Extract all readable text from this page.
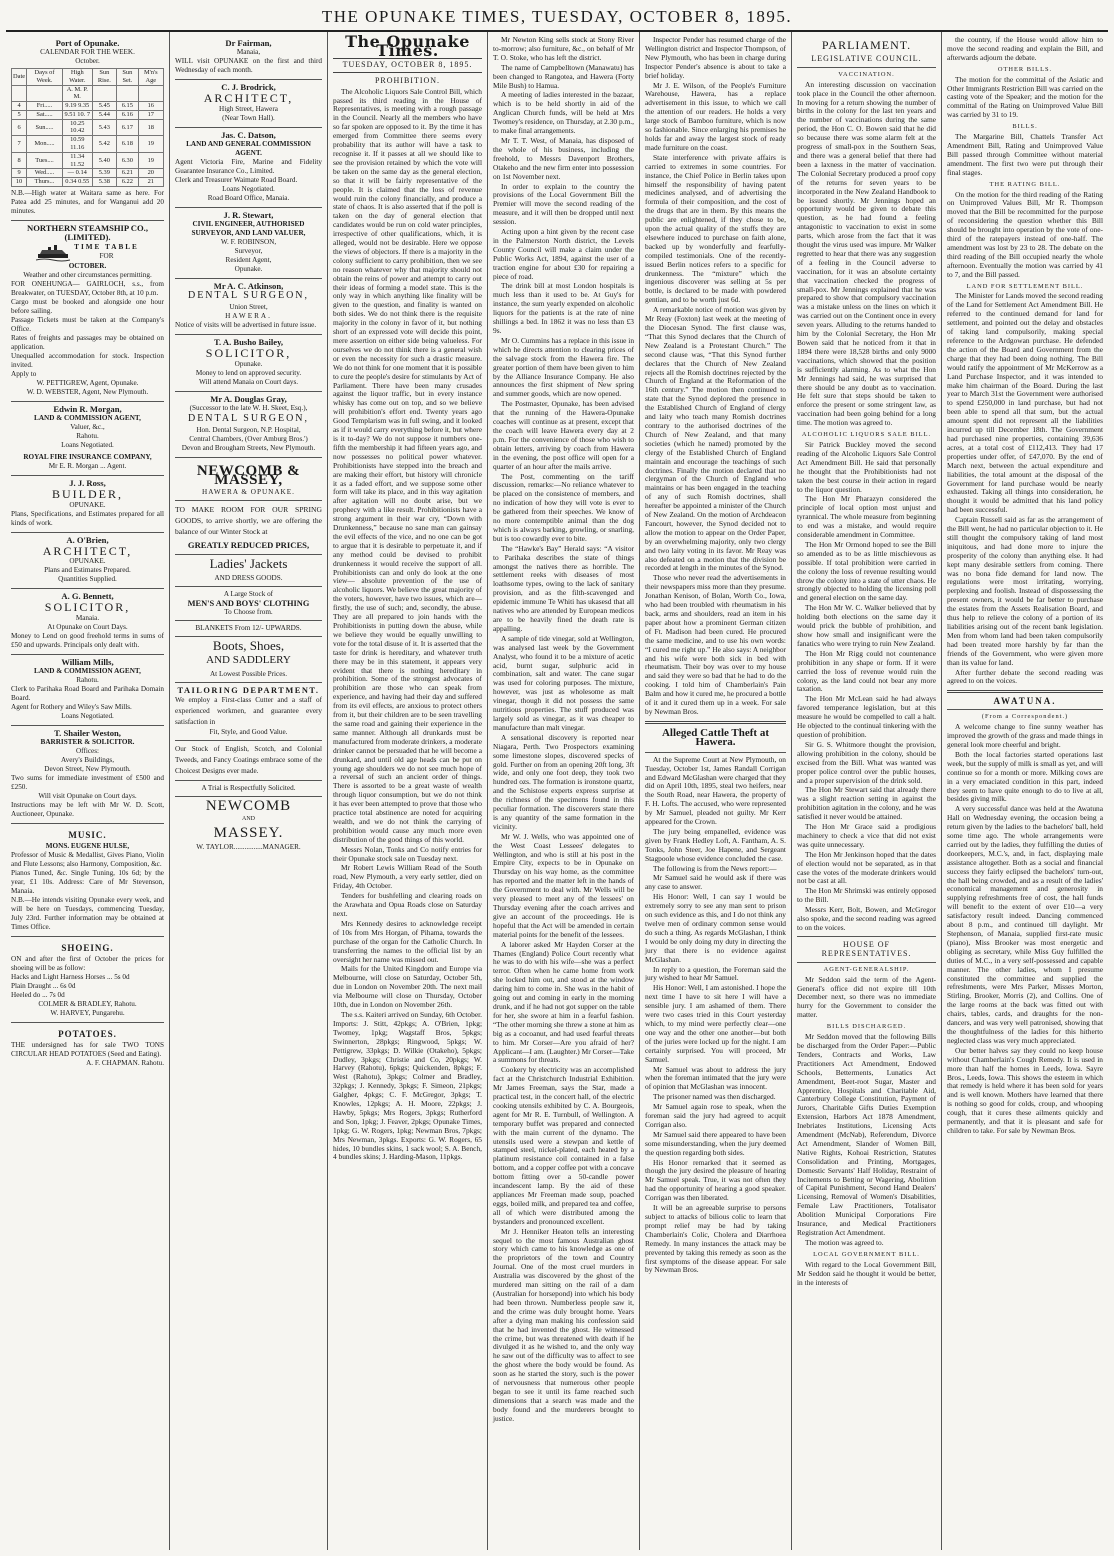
THE OPUNAKE TIMES, TUESDAY, OCTOBER 8, 1895.
Port of Opunake.
CALENDAR FOR THE WEEK.
October.
Date	Days of Week.	High Water.	Sun Rise.	Sun Set.	M'n's Age
		A. M. P. M.			
4	Fri.....	9.19 9.35	5.45	6.15	16
5	Sat.....	9.51 10. 7	5.44	6.16	17
6	Sun.....	10.25 10.42	5.43	6.17	18
7	Mon.....	10.59 11.16	5.42	6.18	19
8	Tues....	11.34 11.52	5.40	6.30	19
9	Wed.....	— 0.14	5.39	6.21	20
10	Thurs...	0.34 0.55	5.38	6.22	21
N.B.—High water at Waitara same as here. For Patea add 25 minutes, and for Wanganui add 20 minutes.
NORTHERN STEAMSHIP CO., (LIMITED).
TIME TABLE
FOR
OCTOBER.
Weather and other circumstances permitting.
FOR ONEHUNGA— GAIRLOCH, s.s., from Breakwater, on TUESDAY, October 8th, at 10 p.m.
Cargo must be booked and alongside one hour before sailing.
Passage Tickets must be taken at the Company's Office.
Rates of freights and passages may be obtained on application.
Unequalled accommodation for stock. Inspection invited.
Apply to
W. PETTIGREW, Agent, Opunake.
W. D. WEBSTER, Agent, New Plymouth.
Edwin R. Morgan,
LAND & COMMISSION AGENT,
Valuer, &c.,
Rahotu.
Loans Negotiated.
ROYAL FIRE INSURANCE COMPANY,
Mr E. R. Morgan ... Agent.
J. J. Ross,
BUILDER,
OPUNAKE.
Plans, Specifications, and Estimates prepared for all kinds of work.
A. O'Brien,
ARCHITECT,
OPUNAKE.
Plans and Estimates Prepared.
Quantities Supplied.
A. G. Bennett,
SOLICITOR,
Manaia.
At Opunake on Court Days.
Money to Lend on good freehold terms in sums of £50 and upwards. Principals only dealt with.
William Mills,
LAND & COMMISSION AGENT,
Rahotu.
Clerk to Parihaka Road Board and Parihaka Domain Board.
Agent for Rothery and Wiley's Saw Mills.
Loans Negotiated.
T. Shailer Weston,
BARRISTER & SOLICITOR.
Offices:
Avery's Buildings,
Devon Street, New Plymouth.
Two sums for immediate investment of £500 and £250.
Will visit Opunake on Court days.
Instructions may be left with Mr W. D. Scott, Auctioneer, Opunake.
MUSIC.
MONS. EUGENE HULSE,
Professor of Music & Medallist, Gives Piano, Violin and Flute Lessons; also Harmony, Composition, &c.
Pianos Tuned, &c. Single Tuning, 10s 6d; by the year, £1 10s. Address: Care of Mr Stevenson, Manaia.
N.B.—He intends visiting Opunake every week, and will be here on Tuesdays, commencing Tuesday, July 23rd. Further information may be obtained at Times Office.
SHOEING.
ON and after the first of October the prices for shoeing will be as follow:
Hacks and Light Harness Horses ... 5s 0d
Plain Draught ... 6s 0d
Heeled do ... 7s 0d
COLMER & BRADLEY, Rahotu.
W. HARVEY, Pungarehu.
POTATOES.
THE undersigned has for sale TWO TONS CIRCULAR HEAD POTATOES (Seed and Eating).
A. F. CHAPMAN. Rahotu.
Dr Fairman,
Manaia,
WILL visit OPUNAKE on the first and third Wednesday of each month.
C. J. Brodrick,
ARCHITECT,
High Street, Hawera
(Near Town Hall).
Jas. C. Datson,
LAND AND GENERAL COMMISSION AGENT.
Agent Victoria Fire, Marine and Fidelity Guarantee Insurance Co., Limited.
Clerk and Treasurer Waimate Road Board.
Loans Negotiated.
Road Board Office, Manaia.
J. R. Stewart,
CIVIL ENGINEER, AUTHORISED SURVEYOR, AND LAND VALUER,
W. F. ROBINSON,
Surveyor,
Resident Agent,
Opunake.
Mr A. C. Atkinson,
DENTAL SURGEON,
Union Street,
HAWERA.
Notice of visits will be advertised in future issue.
T. A. Busho Bailey,
SOLICITOR,
Opunake.
Money to lend on approved security.
Will attend Manaia on Court days.
Mr A. Douglas Gray,
(Successor to the late W. H. Skeet, Esq.),
DENTAL SURGEON,
Hon. Dental Surgeon, N.P. Hospital,
Central Chambers, (Over Amburg Bros.')
Devon and Brougham Streets, New Plymouth.
NEWCOMB & MASSEY,
HAWERA & OPUNAKE.
TO MAKE ROOM FOR OUR SPRING GOODS, to arrive shortly, we are offering the balance of our Winter Stock at
GREATLY REDUCED PRICES,
Ladies' Jackets
AND DRESS GOODS.
A Large Stock of
MEN'S AND BOYS' CLOTHING
To Choose from.
BLANKETS From 12/- UPWARDS.
Boots, Shoes,
AND SADDLERY
At Lowest Possible Prices.
TAILORING DEPARTMENT.
We employ a First-class Cutter and a staff of experienced workmen, and guarantee every satisfaction in
Fit, Style, and Good Value.
Our Stock of English, Scotch, and Colonial Tweeds, and Fancy Coatings embrace some of the Choicest Designs ever made.
A Trial is Respectfully Solicited.
NEWCOMB
AND
MASSEY.
W. TAYLOR................MANAGER.
The Opunake Times.
TUESDAY, OCTOBER 8, 1895.
PROHIBITION.

The Alcoholic Liquors Sale Control Bill, which passed its third reading in the House of Representatives, is meeting with a rough passage in the Council. Nearly all the members who have so far spoken are opposed to it. By the time it has emerged from Committee there seems every probability that its author will have a task to recognise it. If it passes at all we should like to see the provision retained by which the vote will be taken on the same day as the general election, so that it will be fairly representative of the people. It is claimed that the loss of revenue would ruin the colony financially, and produce a state of chaos. It is also asserted that if the poll is taken on the day of general election that candidates would be run on cold water principles, irrespective of other qualifications, which, it is alleged, would not be desirable. Here we oppose the views of objectors. If there is a majority in the colony sufficient to carry prohibition, then we see no reason whatever why that majority should not obtain the reins of power and attempt to carry out their ideas of forming a model state. This is the only way in which anything like finality will be given to the question, and finality is wanted on both sides. We do not think there is the requisite majority in the colony in favor of it, but nothing short of an expressed vote will decide this point, mere assertion on either side being valueless. For ourselves we do not think there is a general wish or even the necessity for such a drastic measure. We do not think for one moment that it is possible to cure the people's desire for stimulants by Act of Parliament. There have been many crusades against the liquor traffic, but in every instance whisky has come out on top, and so we believe will prohibition's effort end. Twenty years ago Good Templarism was in full swing, and it looked as if it would carry everything before it, but where is it to-day? We do not suppose it numbers one-fifth the membership it had fifteen years ago, and now possesses no political power whatever. Prohibitionists have stepped into the breach and are making their effort, but history will chronicle it as a faded effort, and we suppose some other form will take its place, and in this way agitation after agitation will no doubt arise, but we prophecy with a like result. Prohibitionists have a strong argument in their war cry, “Down with Drunkenness,” because no sane man can gainsay the evil effects of the vice, and no one can be got to argue that it is desirable to perpetuate it, and if any method could be devised to prohibit drunkenness it would receive the support of all. Prohibitionists can and only do look at the one view— absolute prevention of the use of alcoholic liquors. We believe the great majority of the voters, however, have two issues, which are—firstly, the use of such; and, secondly, the abuse. They are all prepared to join hands with the Prohibitionists in putting down the abuse, while we believe they would be equally unwilling to vote for the total disuse of it. It is asserted that the taste for drink is hereditary, and whatever truth there may be in this statement, it appears very evident that there is nothing hereditary in prohibition. Some of the strongest advocates of prohibition are those who can speak from experience, and having had their day and suffered from its evil effects, are anxious to protect others from it, but their children are to be seen travelling the same road and gaining their experience in the same manner. Although all drunkards must be manufactured from moderate drinkers, a moderate drinker cannot be persuaded that he will become a drunkard, and until old age heads can be put on young age shoulders we do not see much hope of a reversal of such an ancient order of things. There is assorted to be a great waste of wealth through liquor consumption, but we do not think it has ever been attempted to prove that those who practice total abstinence are noted for acquiring wealth, and we do not think the carrying of prohibition would cause any much more even distribution of the good things of this world.

Messrs Nolan, Tonks and Co notify entries for their Opunake stock sale on Tuesday next.

Mr Robert Lewis William Read of the South road, New Plymouth, a very early settler, died on Friday, 4th October.

Tenders for bushfelling and clearing roads on the Arawhata and Opua Roads close on Saturday next.

Mrs Kennedy desires to acknowledge receipt of 10s from Mrs Horgan, of Pihama, towards the purchase of the organ for the Catholic Church. In transferring the names to the official list by an oversight her name was missed out.

Mails for the United Kingdom and Europe via Melbourne, will close on Saturday, October 5th, due in London on November 20th. The next mail via Melbourne will close on Thursday, October 10th, due in London on November 26th.

The s.s. Kaiteri arrived on Sunday, 6th October. Imports: J. Stitt, 42pkgs; A. O'Brien, 1pkg; Twomey, 1pkg; Wagstaff Bros, 5pkgs; Swinnerton, 28pkgs; Ringwood, 5pkgs; W. Pettigrew, 33pkgs; D. Wilkie (Otakeho), 5pkgs; Dudley, 3pkgs; Christie and Co, 20pkgs; W. Harvey (Rahotu), 6pkgs; Quickenden, 8pkgs; F. West (Rahotu), 3pkgs; Colmer and Bradley, 32pkgs; J. Kennedy, 3pkgs; F. Simeon, 21pkgs; Galgher, 4pkgs; C. F. McGregor, 3pkgs; T. Knowles, 12pkgs; A. H. Moore, 22pkgs; J. Hawby, 5pkgs; Mrs Rogers, 3pkgs; Rutherford and Son, 1pkg; J. Feaver, 2pkgs; Opunake Times, 1pkg; G. W. Rogers, 1pkg; Newman Bros, 7pkgs; Mrs Newman, 3pkgs. Exports: G. W. Rogers, 65 hides, 10 bundles skins, 1 sack wool; S. A. Bench, 4 bundles skins; J. Harding-Mason, 11pkgs.

Mr Newton King sells stock at Stony River to-morrow; also furniture, &c., on behalf of Mr T. O. Stoke, who has left the district.

The name of Campbelltown (Manawatu) has been changed to Rangotea, and Hawera (Forty Mile Bush) to Hamua.

A meeting of ladies interested in the bazaar, which is to be held shortly in aid of the Anglican Church funds, will be held at Mrs Twomey's residence, on Thursday, at 2.30 p.m., to make final arrangements.

Mr T. T. West, of Manaia, has disposed of the whole of his business, including the freehold, to Messrs Davenport Brothers, Otakeho and the new firm enter into possession on 1st November next.

In order to explain to the country the provisions of the Local Government Bill the Premier will move the second reading of the measure, and it will then be dropped until next session.

Acting upon a hint given by the recent case in the Palmerston North district, the Levels County Council will make a claim under the Public Works Act, 1894, against the user of a traction engine for about £30 for repairing a piece of road.

The drink bill at most London hospitals is much less than it used to be. At Guy's for instance, the sum yearly expended on alcoholic liquors for the patients is at the rate of nine shillings a bed. In 1862 it was no less than £3 9s.

Mr O. Cummins has a replace in this issue in which he directs attention to clearing prices of the salvage stock from the Hawera fire. The greater portion of them have been given to him by the Alliance Insurance Company. He also announces the first shipment of New spring and summer goods, which are now opened.

The Postmaster, Opunake, has been advised that the running of the Hawera-Opunake coaches will continue as at present, except that the coach will leave Hawera every day at 2 p.m. For the convenience of those who wish to obtain letters, arriving by coach from Hawera in the evening, the post office will open for a quarter of an hour after the mails arrive.

The Post, commenting on the tariff discussion, remarks:—No reliance whatever to be placed on the consistence of members, and no indication of how they will vote is ever to be gathered from their speeches. We know of no more contemptible animal than the dog which is always barking, growling, or snarling, but is too cowardly ever to bite.

The “Hawke's Bay” Herald says: “A visitor to Parihaka describes the state of things amongst the natives there as horrible. The settlement reeks with diseases of most loathsome types, owing to the lack of sanitary provision, and as the filth-scavenged and epidemic immune Te Whiti has ukasesd that all natives who are attended by European medicos are to be heavily fined the death rate is appalling.

A sample of tide vinegar, sold at Wellington, was analysed last week by the Government Analyst, who found it to be a mixture of acetic acid, burnt sugar, sulphuric acid in combination, salt and water. The cane sugar was used for coloring purposes. The mixture, however, was just as wholesome as malt vinegar, though it did not possess the same nutritious properties. The stuff produced was largely sold as vinegar, as it was cheaper to manufacture than malt vinegar.

A sensational discovery is reported near Niagara, Perth. Two Prospectors examining some limestone slopes, discovered specks of gold. Further on from an opening 20ft long, 3ft wide, and only one foot deep, they took two hundred ozs. The formation is ironstone quartz, and the Schistose experts express surprise at the richness of the specimens found in this peculiar formation. The discoverers state there is any quantity of the same formation in the vicinity.

Mr W. J. Wells, who was appointed one of the West Coast Lessees' delegates to Wellington, and who is still at his post in the Empire City, expects to be in Opunake on Thursday on his way home, as the committee has reported and the matter left in the hands of the Government to deal with. Mr Wells will be very pleased to meet any of the lessees' on Thursday evening after the coach arrives and give an account of the proceedings. He is hopeful that the Act will be amended in certain material points for the benefit of the lessees.

A laborer asked Mr Hayden Corser at the Thames (England) Police Court recently what he was to do with his wife—she was a perfect terror. Often when he came home from work she locked him out, and stood at the window daring him to come in. She was in the habit of going out and coming in early in the morning drunk, and if he had not got supper on the table for her, she swore at him in a fearful fashion. “The other morning she threw a stone at him as big as a cocoanut, and had used fearful threats to him. Mr Corser—Are you afraid of her? Applicant—I am. (Laughter.) Mr Corser—Take a summons for threats.

Cookery by electricity was an accomplished fact at the Christchurch Industrial Exhibition. Mr James Freeman, says the Star, made a practical test, in the concert hall, of the electric cooking utensils exhibited by C. A. Bourgeois, agent for Mr R. E. Turnbull, of Wellington. A temporary buffet was prepared and connected with the main current of the dynamo. The utensils used were a stewpan and kettle of stamped steel, nickel-plated, each heated by a platinum resistance coil contained in a false bottom, and a copper coffee pot with a concave bottom fitting over a 50-candle power incandescent lamp. By the aid of these appliances Mr Freeman made soup, poached eggs, boiled milk, and prepared tea and coffee, all of which were distributed among the bystanders and pronounced excellent.

Mr J. Henniker Heaton tells an interesting sequel to the most famous Australian ghost story which came to his knowledge as one of the proprietors of the town and Country Journal. One of the most cruel murders in Australia was discovered by the ghost of the murdered man sitting on the rail of a dam (Australian for horsepond) into which his body had been thrown. Numberless people saw it, and the crime was duly brought home. Years after a dying man making his confession said that he had invented the ghost. He witnessed the crime, but was threatened with death if he divulged it as he wished to, and the only way he saw out of the difficulty was to affect to see the ghost where the body would be found. As soon as he started the story, such is the power of nervousness that numerous other people began to see it until its fame reached such dimensions that a search was made and the body found and the murderers brought to justice.

Inspector Pender has resumed charge of the Wellington district and Inspector Thompson, of New Plymouth, who has been in charge during Inspector Pender's absence is about to take a brief holiday.

Mr J. E. Wilson, of the People's Furniture Warehouse, Hawera, has a replace advertisement in this issue, to which we call the attention of our readers. He holds a very large stock of Bamboo furniture, which is now so fashionable. Since enlarging his premises he holds far and away the largest stock of ready made furniture on the coast.

State interference with private affairs is carried to extremes in some countries. For instance, the Chief Police in Berlin takes upon himself the responsibility of having patent medicines analysed, and of advertising the formula of their composition, and the cost of the drugs that are in them. By this means the public are enlightened, if they chose to be, upon the actual quality of the stuffs they are elsewhere induced to purchase on faith alone, backed up by wonderfully and fearfully-compiled testimonials. One of the recently-issued Berlin notices refers to a specific for drunkenness. The “mixture” which the ingenious discoverer was selling at 5s per bottle, is declared to be made with powdered gentian, and to be worth just 6d.

A remarkable notice of motion was given by Mr Reay (Foxton) last week at the meeting of the Diocesan Synod. The first clause was, “That this Synod declares that the Church of New Zealand is a Protestant Church.” The second clause was, “That this Synod further declares that the Church of New Zealand rejects all the Romish doctrines rejected by the Church of England at the Reformation of the 16th century.” The motion then continued to state that the Synod deplored the presence in the Established Church of England of clergy and laity who teach many Romish doctrines contrary to the authorised doctrines of the Church of New Zealand, and that many societies (which he named) promoted by the clergy of the Established Church of England maintain and encourage the teachings of such doctrines. Finally the motion declared that no clergyman of the Church of England who maintains or has been engaged in the teaching of any of such Romish doctrines, shall hereafter be appointed a minister of the Church of New Zealand. On the motion of Archdeacon Fancourt, however, the Synod decided not to allow the motion to appear on the Order Paper, by an overwhelming majority, only two clergy and two laity voting in its favor. Mr Reay was also defeated on a motion that the division be recorded at length in the minutes of the Synod.

Those who never read the advertisements in their newspapers miss more than they presume. Jonathan Kenison, of Bolan, Worth Co., Iowa, who had been troubled with rheumatism in his back, arms and shoulders, read an item in his paper about how a prominent German citizen of Ft. Madison had been cured. He procured the same medicine, and to use his own words: “I cured me right up.” He also says: A neighbor and his wife were both sick in bed with rheumatism. Their boy was over to my house and said they were so bad that he had to do the cooking. I told him of Chamberlain's Pain Balm and how it cured me, he procured a bottle of it and it cured them up in a week. For sale by Newman Bros.

Alleged Cattle Theft at Hawera.

At the Supreme Court at New Plymouth, on Tuesday, October 1st, James Randall Corrigan and Edward McGlashan were charged that they did on April 10th, 1895, steal two heifers, near the South Road, near Hawera, the property of F. H. Lofts. The accused, who were represented by Mr Samuel, pleaded not guilty. Mr Kerr appeared for the Crown.

The jury being empanelled, evidence was given by Frank Hedley Loft, A. Fantham, A. S. Tonks, John Steer, Joe Hapene, and Sergeant Stagpoole whose evidence concluded the case.

The following is from the News report:—

Mr Samuel said he would ask if there was any case to answer.

His Honor: Well, I can say I would be extremely sorry to see any man sent to prison on such evidence as this, and I do not think any twelve men of ordinary common sense would do such a thing. As regards McGlashan, I think I would be only doing my duty in directing the jury that there is no evidence against McGlashan.

In reply to a question, the Foreman said the jury wished to hear Mr Samuel.

His Honor: Well, I am astonished. I hope the next time I have to sit here I will have a sensible jury. I am ashamed of them. There were two cases tried in this Court yesterday which, to my mind were perfectly clear—one one way and the other one another—but both of the juries were locked up for the night. I am certainly surprised. You will proceed, Mr Samuel.

Mr Samuel was about to address the jury when the foreman intimated that the jury were of opinion that McGlashan was innocent.

The prisoner named was then discharged.

Mr Samuel again rose to speak, when the foreman said the jury had agreed to acquit Corrigan also.

Mr Samuel said there appeared to have been some misunderstanding, when the jury deemed the question regarding both sides.

His Honor remarked that it seemed as though the jury desired the pleasure of hearing Mr Samuel speak. True, it was not often they had the opportunity of hearing a good speaker. Corrigan was then liberated.

It will be an agreeable surprise to persons subject to attacks of bilious colic to learn that prompt relief may be had by taking Chamberlain's Colic, Cholera and Diarrhoea Remedy. In many instances the attack may be prevented by taking this remedy as soon as the first symptoms of the disease appear. For sale by Newman Bros.

PARLIAMENT.
LEGISLATIVE COUNCIL.
VACCINATION.

An interesting discussion on vaccination took place in the Council the other afternoon. In moving for a return showing the number of births in the colony for the last ten years and the number of vaccinations during the same period, the Hon C. O. Bowen said that he did so because there was some alarm felt at the progress of small-pox in the Southern Seas, and there was a general belief that there had been a laxness in the matter of vaccination. The Colonial Secretary produced a proof copy of the returns for seven years to be incorporated in the New Zealand Handbook to be issued shortly. Mr Jennings hoped an opportunity would be given to debate this question, as he had found a feeling antagonistic to vaccination to exist in some parts, which arose from the fact that it was thought the virus used was impure. Mr Walker regretted to hear that there was any suggestion of a feeling in the Council adverse to vaccination, for it was an absolute certainty that vaccination checked the progress of small-pox. Mr Jennings explained that he was prepared to show that compulsory vaccination was a mistake unless on the lines on which it was carried out on the Continent once in every seven years. Alluding to the returns handed to him by the Colonial Secretary, the Hon Mr Bowen said that he noticed from it that in 1894 there were 18,528 births and only 9000 vaccinations, which showed that the position is sufficiently alarming. As to what the Hon Mr Jennings had said, he was surprised that there should be any doubt as to vaccination. He felt sure that steps should be taken to enforce the present or some stringent law, as vaccination had been going behind for a long time. The motion was agreed to.

ALCOHOLIC LIQUORS SALE BILL.

Sir Patrick Buckley moved the second reading of the Alcoholic Liquors Sale Control Act Amendment Bill. He said that personally he thought that the Prohibitionists had not taken the best course in their action in regard to the liquor question.

The Hon Mr Pharazyn considered the principle of local option most unjust and tyrannical. The whole measure from beginning to end was a mistake, and would require considerable amendment in Committee.

The Hon Mr Ormond hoped to see the Bill so amended as to be as little mischievous as possible. If total prohibition were carried in the colony the loss of revenue resulting would throw the colony into a state of utter chaos. He strongly objected to holding the licensing poll and general election on the same day.

The Hon Mr W. C. Walker believed that by holding both elections on the same day it would prick the bubble of prohibition, and show how small and insignificant were the fanatics who were trying to ruin New Zealand.

The Hon Mr Rigg could not countenance prohibition in any shape or form. If it were carried the loss of revenue would ruin the colony, as the land could not bear any more taxation.

The Hon Mr McLean said he had always favored temperance legislation, but at this measure he would be compelled to call a halt. He objected to the continual tinkering with the question of prohibition.

Sir G. S. Whitmore thought the provision, allowing prohibition in the colony, should be excised from the Bill. What was wanted was proper police control over the public houses, and a proper supervision of the drink sold.

The Hon Mr Stewart said that already there was a slight reaction setting in against the prohibition agitation in the colony, and he was satisfied it never would be attained.

The Hon Mr Grace said a prodigious machinery to check a vice that did not exist was quite unnecessary.

The Hon Mr Jenkinson hoped that the dates of election would not be separated, as in that case the votes of the moderate drinkers would not be cast at all.

The Hon Mr Shrimski was entirely opposed to the Bill.

Messrs Kerr, Bolt, Bowen, and McGregor also spoke, and the second reading was agreed to on the voices.

HOUSE OF REPRESENTATIVES.
AGENT-GENERALSHIP.

Mr Seddon said the term of the Agent-General's office did not expire till 10th December next, so there was no immediate hurry for the Government to consider the matter.

BILLS DISCHARGED.

Mr Seddon moved that the following Bills be discharged from the Order Paper:—Public Tenders, Contracts and Works, Law Practitioners Act Amendment, Endowed Schools, Betterments, Lunatics Act Amendment, Beet-root Sugar, Master and Apprentice, Hospitals and Charitable Aid, Canterbury College Constitution, Payment of Jurors, Charitable Gifts Duties Exemption Extension, Harbors Act 1878 Amendment, Inebriates Institutions, Licensing Acts Amendment (McNab), Referendum, Divorce Act Amendment, Slander of Women Bill, Native Rights, Kohoai Restriction, Statutes Consolidation and Printing, Mortgages, Domestic Servants' Half Holiday, Restraint of Incitements to Betting or Wagering, Abolition of Capital Punishment, Second Hand Dealers' Licensing, Removal of Women's Disabilities, Female Law Practitioners, Totalisator Abolition Municipal Corporations Fire Insurance, and Medical Practitioners Registration Act Amendment.

The motion was agreed to.

LOCAL GOVERNMENT BILL.

With regard to the Local Government Bill, Mr Seddon said he thought it would be better, in the interests of

the country, if the House would allow him to move the second reading and explain the Bill, and afterwards adjourn the debate.

OTHER BILLS.

The motion for the committal of the Asiatic and Other Immigrants Restriction Bill was carried on the casting vote of the Speaker; and the motion for the committal of the Rating on Unimproved Value Bill was carried by 31 to 19.

BILLS.

The Margarine Bill, Chattels Transfer Act Amendment Bill, Rating and Unimproved Value Bill passed through Committee without material amendment. The first two were put through their final stages.

THE RATING BILL.

On the motion for the third reading of the Rating on Unimproved Values Bill, Mr R. Thompson moved that the Bill be recommitted for the purpose of reconsidering the question whether this Bill should be brought into operation by the vote of one-third of the ratepayers instead of one-half. The amendment was lost by 23 to 28. The debate on the third reading of the Bill occupied nearly the whole afternoon. Eventually the motion was carried by 41 to 7, and the Bill passed.

LAND FOR SETTLEMENT BILL.

The Minister for Lands moved the second reading of the Land for Settlement Act Amendment Bill. He referred to the continued demand for land for settlement, and pointed out the delay and obstacles of taking land compulsorily, making special reference to the Ardgowan purchase. He defended the action of the Board and Government from the charge that they had been doing nothing. The Bill would ratify the appointment of Mr McKerrow as a Land Purchase Inspector, and it was intended to make him chairman of the Board. During the last year to March 31st the Government were authorised to spend £250,000 in land purchase, but had not been able to spend all that sum, but the actual amount spent did not represent all the liabilities incurred up till December 18th. The Government had purchased nine properties, containing 39,636 acres, at a total cost of £112,413. They had 17 properties under offer, of £47,070. By the end of March next, between the actual expenditure and liabilities, the total amount at the disposal of the Government for land purchase would be nearly exhausted. Taking all things into consideration, he thought it would be admitted that his land policy had been successful.

Captain Russell said as far as the arrangement of the Bill went, he had no particular objection to it. He still thought the compulsory taking of land most iniquitous, and had done more to injure the prosperity of the colony than anything else. It had kept many desirable settlers from coming. There was no bona fide demand for land now. The regulations were most irritating, worrying, perplexing and foolish. Instead of dispossessing the present owners, it would be far better to purchase the estates from the Assets Realisation Board, and thus help to relieve the colony of a portion of its liabilities arising out of the recent bank legislation. Men from whom land had been taken compulsorily had been treated more harshly by far than the friends of the Government, who were given more than its value for land.

After further debate the second reading was agreed to on the voices.

AWATUNA.
(From a Correspondent.)

A welcome change to fine sunny weather has improved the growth of the grass and made things in general look more cheerful and bright.

Both the local factories started operations last week, but the supply of milk is small as yet, and will continue so for a month or more. Milking cows are in a very emaciated condition in this part, indeed they seem to have quite enough to do to live at all, besides giving milk.

A very successful dance was held at the Awatuna Hall on Wednesday evening, the occasion being a return given by the ladies to the bachelors' ball, held some time ago. The whole arrangements were carried out by the ladies, they fulfilling the duties of doorkeepers, M.C.'s, and, in fact, displaying male assistance altogether. Both as a social and financial success they fairly eclipsed the bachelors' turn-out, the hall being crowded, and as a result of the ladies' economical management and generosity in supplying refreshments free of cost, the hall funds will benefit to the extent of over £10—a very satisfactory result indeed. Dancing commenced about 8 p.m., and continued till daylight. Mr Stephenson, of Manaia, supplied first-rate music (piano), Miss Brooker was most energetic and obliging as secretary, while Miss Guy fulfilled the duties of M.C., in a very self-possessed and capable manner. The other ladies, whom I presume constituted the committee and supplied the refreshments, were Mrs Parker, Misses Morton, Stirling, Brooker, Morris (2), and Collins. One of the large rooms at the back was fitted out with chairs, tables, cards, and draughts for the non-dancers, and was very well patronised, showing that the thoughtfulness of the ladies for this hitherto neglected class was very much appreciated.

Our better halves say they could no keep house without Chamberlain's Cough Remedy. It is used in more than half the homes in Leeds, Iowa. Sayre Bros., Leeds, Iowa. This shows the esteem in which that remedy is held where it has been sold for years and is well known. Mothers have learned that there is nothing so good for colds, croup, and whooping cough, that it cures these ailments quickly and permanently, and that it is pleasant and safe for children to take. For sale by Newman Bros.
